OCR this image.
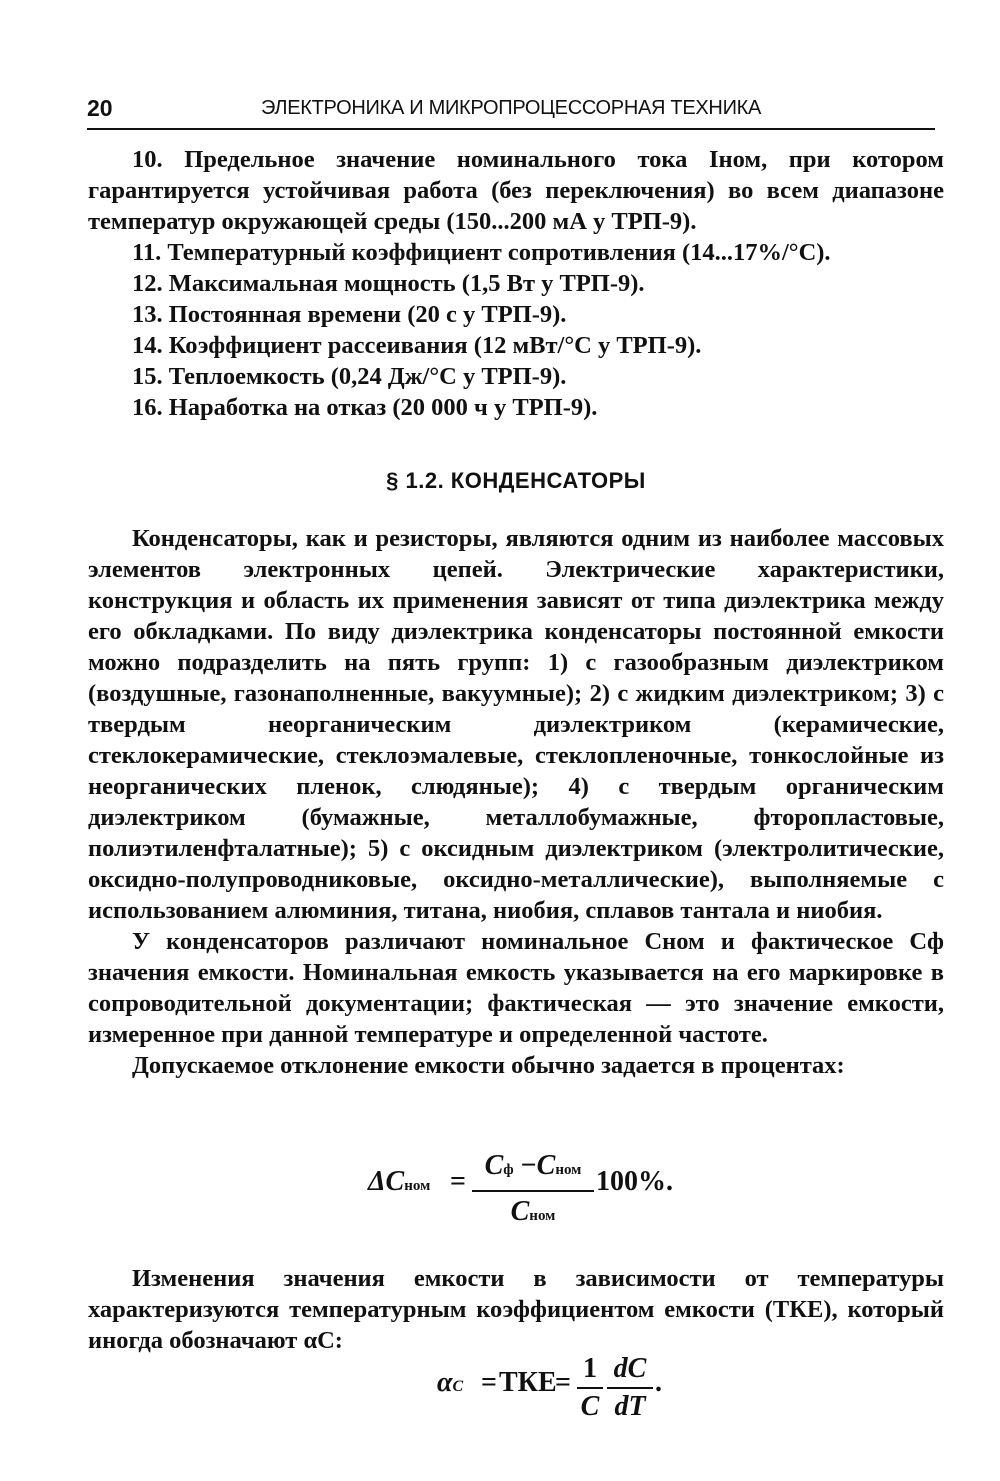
20	ЭЛЕКТРОНИКА И МИКРОПРОЦЕССОРНАЯ ТЕХНИКА

10. Предельное значение номинального тока Iном, при котором гарантируется устойчивая работа (без переключения) во всем диапазоне температур окружающей среды (150...200 мА у ТРП-9).

11. Температурный коэффициент сопротивления (14...17%/°С).

12. Максимальная мощность (1,5 Вт у ТРП-9).

13. Постоянная времени (20 с у ТРП-9).

14. Коэффициент рассеивания (12 мВт/°С у ТРП-9).

15. Теплоемкость (0,24 Дж/°С у ТРП-9).

16. Наработка на отказ (20 000 ч у ТРП-9).

§ 1.2. КОНДЕНСАТОРЫ

Конденсаторы, как и резисторы, являются одним из наиболее массовых элементов электронных цепей. Электрические характеристики, конструкция и область их применения зависят от типа диэлектрика между его обкладками. По виду диэлектрика конденсаторы постоянной емкости можно подразделить на пять групп: 1) с газообразным диэлектриком (воздушные, газонаполненные, вакуумные); 2) с жидким диэлектриком; 3) с твердым неорганическим диэлектриком (керамические, стеклокерамические, стеклоэмалевые, стеклопленочные, тонкослойные из неорганических пленок, слюдяные); 4) с твердым органическим диэлектриком (бумажные, металлобумажные, фторопластовые, полиэтиленфталатные); 5) с оксидным диэлектриком (электролитические, оксидно-полупроводниковые, оксидно-металлические), выполняемые с использованием алюминия, титана, ниобия, сплавов тантала и ниобия.

У конденсаторов различают номинальное Cном и фактическое Cф значения емкости. Номинальная емкость указывается на его маркировке в сопроводительной документации; фактическая — это значение емкости, измеренное при данной температуре и определенной частоте.

Допускаемое отклонение емкости обычно задается в процентах:

ΔCном =
Cф −Cном
Cном
100%.

Изменения значения емкости в зависимости от температуры характеризуются температурным коэффициентом емкости (ТКЕ), который иногда обозначают αC:

αC = ТКЕ
= 1
C
dC
dT
.
